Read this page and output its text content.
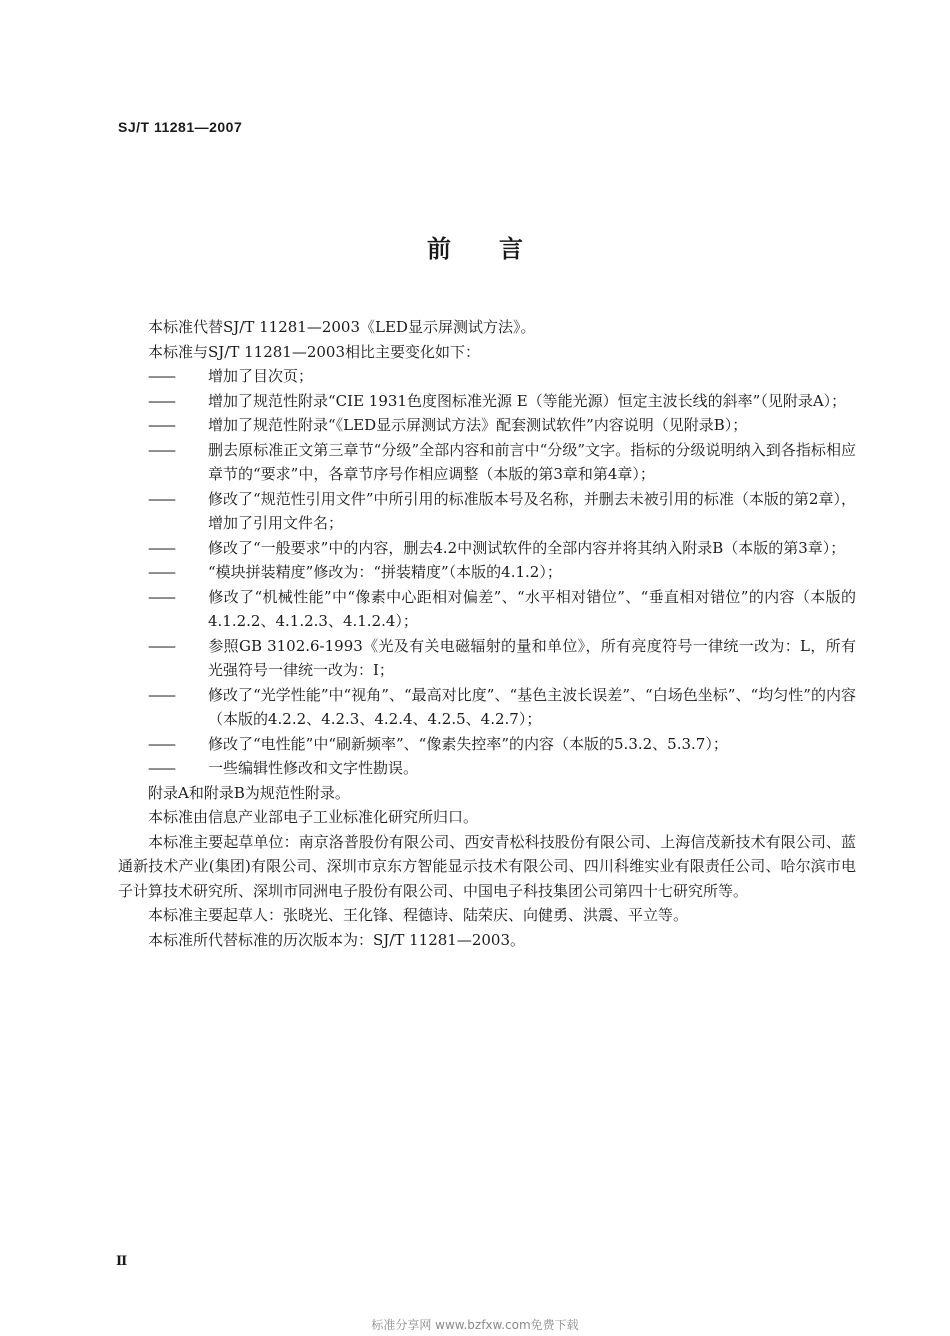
SJ/T 11281—2007
前言

本标准代替SJ/T 11281—2003《LED显示屏测试方法》。

本标准与SJ/T 11281—2003相比主要变化如下：

—— 增加了目次页；

—— 增加了规范性附录“CIE 1931色度图标准光源 E（等能光源）恒定主波长线的斜率”（见附录A）；

—— 增加了规范性附录“《LED显示屏测试方法》配套测试软件”内容说明（见附录B）；

—— 删去原标准正文第三章节“分级”全部内容和前言中“分级”文字。指标的分级说明纳入到各指标相应章节的“要求”中，各章节序号作相应调整（本版的第3章和第4章）；

—— 修改了“规范性引用文件”中所引用的标准版本号及名称，并删去未被引用的标准（本版的第2章），增加了引用文件名；

—— 修改了“一般要求”中的内容，删去4.2中测试软件的全部内容并将其纳入附录B（本版的第3章）；

—— “模块拼装精度”修改为：“拼装精度”（本版的4.1.2）；

—— 修改了“机械性能”中“像素中心距相对偏差”、“水平相对错位”、“垂直相对错位”的内容（本版的4.1.2.2、4.1.2.3、4.1.2.4）；

—— 参照GB 3102.6-1993《光及有关电磁辐射的量和单位》，所有亮度符号一律统一改为：L，所有光强符号一律统一改为：I；

—— 修改了“光学性能”中“视角”、“最高对比度”、“基色主波长误差”、“白场色坐标”、“均匀性”的内容（本版的4.2.2、4.2.3、4.2.4、4.2.5、4.2.7）；

—— 修改了“电性能”中“刷新频率”、“像素失控率”的内容（本版的5.3.2、5.3.7）；

—— 一些编辑性修改和文字性勘误。

附录A和附录B为规范性附录。

本标准由信息产业部电子工业标准化研究所归口。

本标准主要起草单位：南京洛普股份有限公司、西安青松科技股份有限公司、上海信茂新技术有限公司、蓝通新技术产业(集团)有限公司、深圳市京东方智能显示技术有限公司、四川科维实业有限责任公司、哈尔滨市电子计算技术研究所、深圳市同洲电子股份有限公司、中国电子科技集团公司第四十七研究所等。

本标准主要起草人：张晓光、王化锋、程德诗、陆荣庆、向健勇、洪震、平立等。

本标准所代替标准的历次版本为：SJ/T 11281—2003。

II
标准分享网 www.bzfxw.com免费下载
